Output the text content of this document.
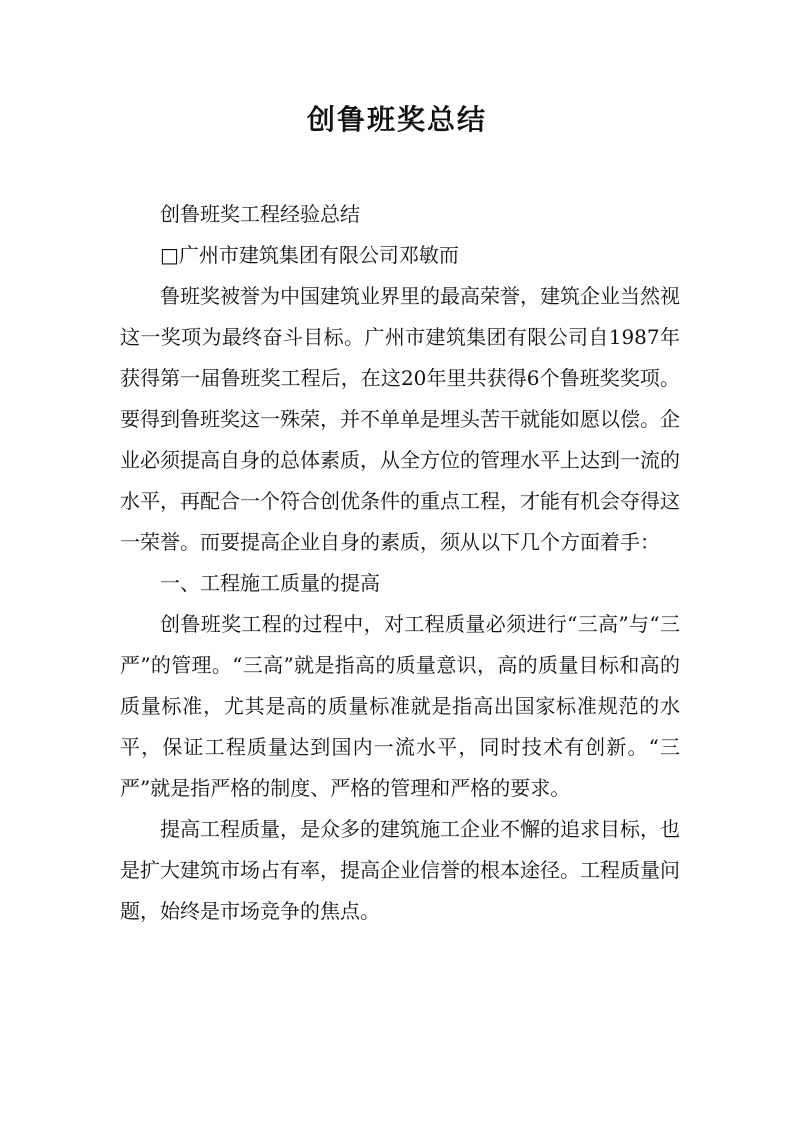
创鲁班奖总结

创鲁班奖工程经验总结

□广州市建筑集团有限公司邓敏而

鲁班奖被誉为中国建筑业界里的最高荣誉，建筑企业当然视这一奖项为最终奋斗目标。广州市建筑集团有限公司自1987年获得第一届鲁班奖工程后，在这20年里共获得6个鲁班奖奖项。要得到鲁班奖这一殊荣，并不单单是埋头苦干就能如愿以偿。企业必须提高自身的总体素质，从全方位的管理水平上达到一流的水平，再配合一个符合创优条件的重点工程，才能有机会夺得这一荣誉。而要提高企业自身的素质，须从以下几个方面着手：

一、工程施工质量的提高

创鲁班奖工程的过程中，对工程质量必须进行“三高”与“三严”的管理。“三高”就是指高的质量意识，高的质量目标和高的质量标准，尤其是高的质量标准就是指高出国家标准规范的水平，保证工程质量达到国内一流水平，同时技术有创新。“三严”就是指严格的制度、严格的管理和严格的要求。

提高工程质量，是众多的建筑施工企业不懈的追求目标，也是扩大建筑市场占有率，提高企业信誉的根本途径。工程质量问题，始终是市场竞争的焦点。
